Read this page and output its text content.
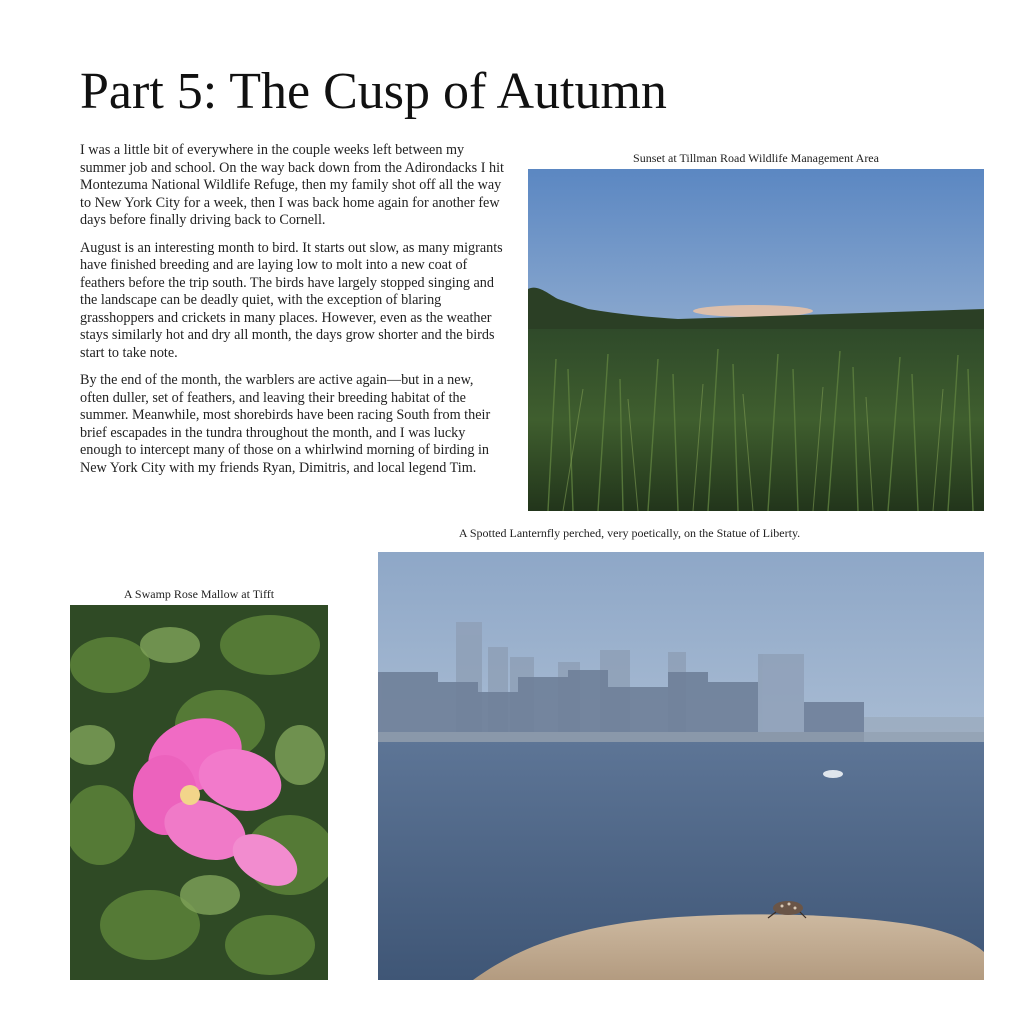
Part 5: The Cusp of Autumn

I was a little bit of everywhere in the couple weeks left between my summer job and school. On the way back down from the Adirondacks I hit Montezuma National Wildlife Refuge, then my family shot off all the way to New York City for a week, then I was back home again for another few days before finally driving back to Cornell.

August is an interesting month to bird. It starts out slow, as many migrants have finished breeding and are laying low to molt into a new coat of feathers before the trip south. The birds have largely stopped singing and the landscape can be deadly quiet, with the exception of blaring grasshoppers and crickets in many places. However, even as the weather stays similarly hot and dry all month, the days grow shorter and the birds start to take note.

By the end of the month, the warblers are active again—but in a new, often duller, set of feathers, and leaving their breeding habitat of the summer. Meanwhile, most shorebirds have been racing South from their brief escapades in the tundra throughout the month, and I was lucky enough to intercept many of those on a whirlwind morning of birding in New York City with my friends Ryan, Dimitris, and local legend Tim.

Sunset at Tillman Road Wildlife Management Area
A Spotted Lanternfly perched, very poetically, on the Statue of Liberty.
A Swamp Rose Mallow at Tifft
